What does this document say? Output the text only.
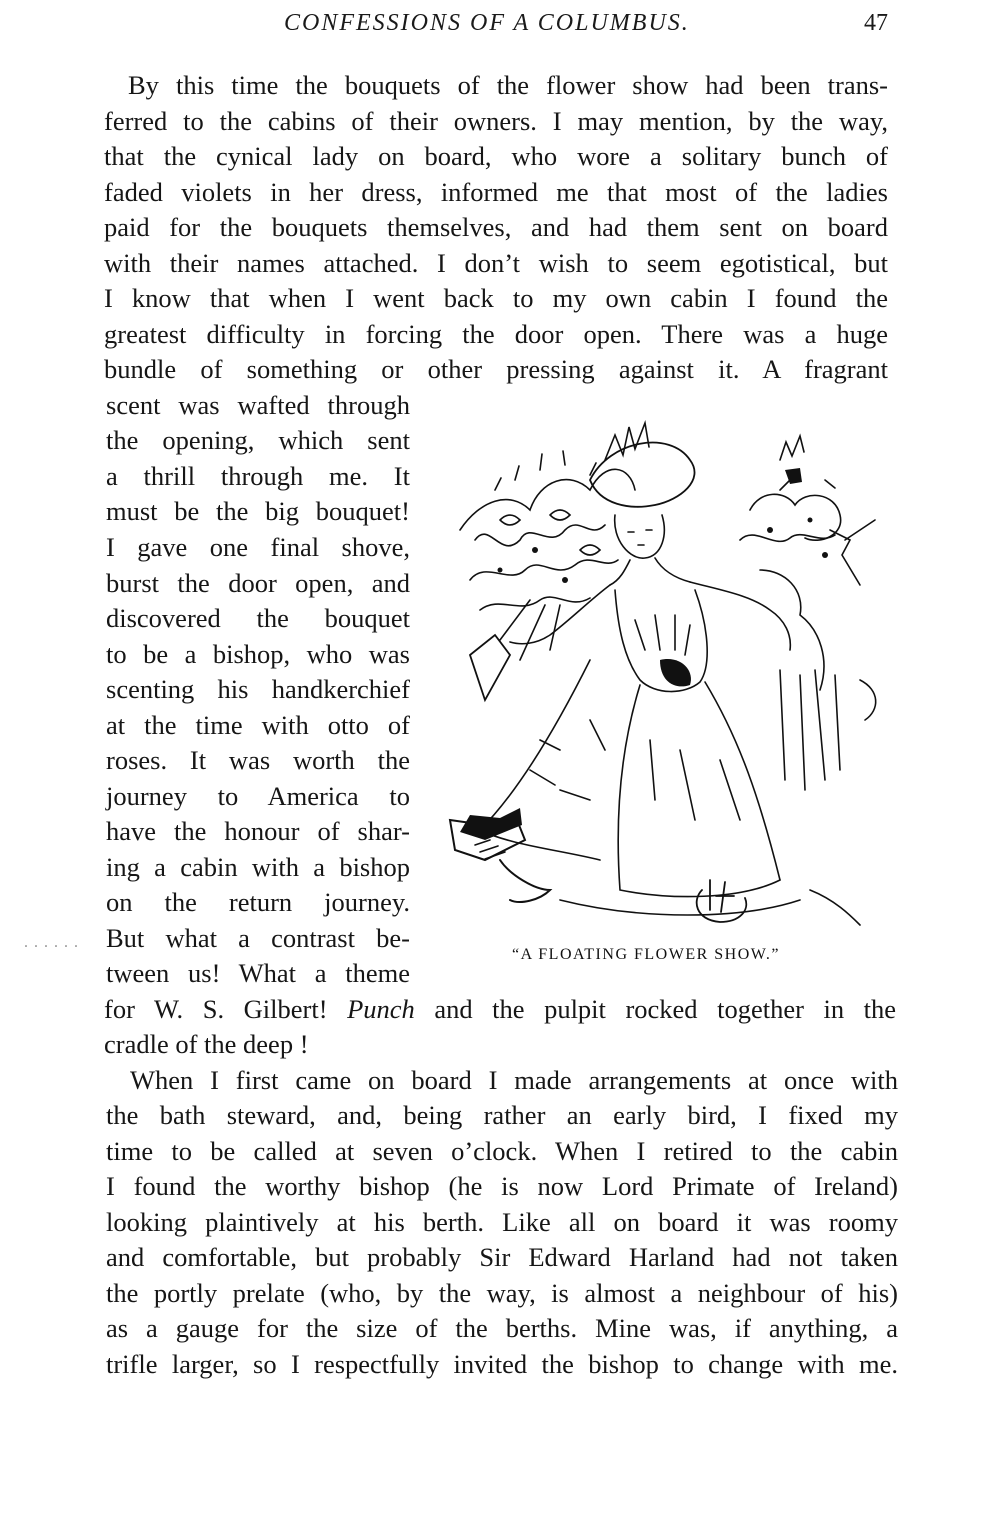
CONFESSIONS OF A COLUMBUS.	47
By this time the bouquets of the flower show had been trans-
ferred to the cabins of their owners. I may mention, by the way,
that the cynical lady on board, who wore a solitary bunch of
faded violets in her dress, informed me that most of the ladies
paid for the bouquets themselves, and had them sent on board
with their names attached. I don’t wish to seem egotistical, but
I know that when I went back to my own cabin I found the
greatest difficulty in forcing the door open. There was a huge
bundle of something or other pressing against it. A fragrant
scent was wafted through
the opening, which sent
a thrill through me. It
must be the big bouquet!
I gave one final shove,
burst the door open, and
discovered the bouquet
to be a bishop, who was
scenting his handkerchief
at the time with otto of
roses. It was worth the
journey to America to
have the honour of shar-
ing a cabin with a bishop
on the return journey.
But what a contrast be-
tween us! What a theme
for W. S. Gilbert! Punch and the pulpit rocked together in the
cradle of the deep !
“A FLOATING FLOWER SHOW.”
When I first came on board I made arrangements at once with
the bath steward, and, being rather an early bird, I fixed my
time to be called at seven o’clock. When I retired to the cabin
I found the worthy bishop (he is now Lord Primate of Ireland)
looking plaintively at his berth. Like all on board it was roomy
and comfortable, but probably Sir Edward Harland had not taken
the portly prelate (who, by the way, is almost a neighbour of his)
as a gauge for the size of the berths. Mine was, if anything, a
trifle larger, so I respectfully invited the bishop to change with me.
